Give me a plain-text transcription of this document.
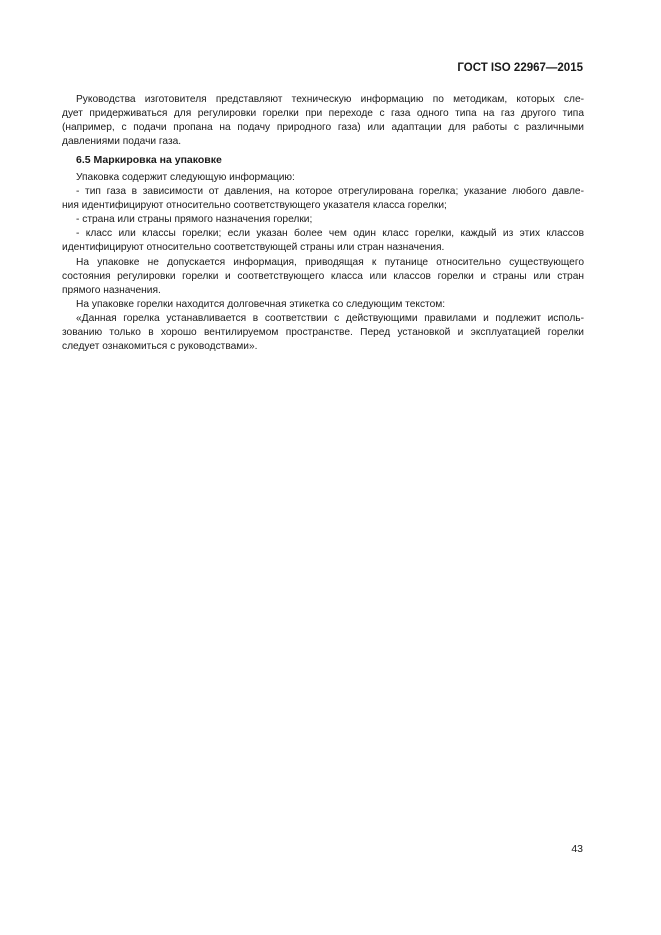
ГОСТ ISO 22967—2015
Руководства изготовителя представляют техническую информацию по методикам, которых сле-
дует придерживаться для регулировки горелки при переходе с газа одного типа на газ другого типа
(например, с подачи пропана на подачу природного газа) или адаптации для работы с различными
давлениями подачи газа.
6.5 Маркировка на упаковке
Упаковка содержит следующую информацию:
- тип газа в зависимости от давления, на которое отрегулирована горелка; указание любого давле-
ния идентифицируют относительно соответствующего указателя класса горелки;
- страна или страны прямого назначения горелки;
- класс или классы горелки; если указан более чем один класс горелки, каждый из этих классов
идентифицируют относительно соответствующей страны или стран назначения.
На упаковке не допускается информация, приводящая к путанице относительно существующего
состояния регулировки горелки и соответствующего класса или классов горелки и страны или стран
прямого назначения.
На упаковке горелки находится долговечная этикетка со следующим текстом:
«Данная горелка устанавливается в соответствии с действующими правилами и подлежит исполь-
зованию только в хорошо вентилируемом пространстве. Перед установкой и эксплуатацией горелки
следует ознакомиться с руководствами».
43
